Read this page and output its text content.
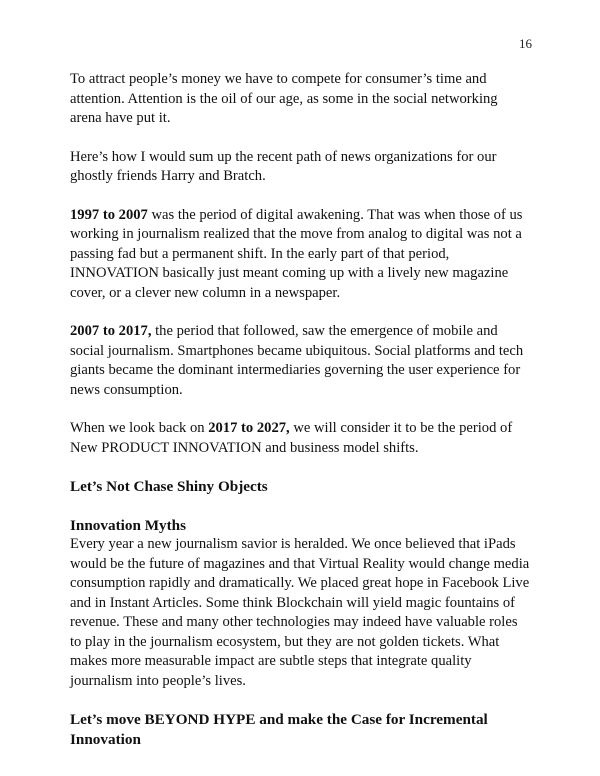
16

To attract people’s money we have to compete for consumer’s time and attention. Attention is the oil of our age, as some in the social networking arena have put it.

Here’s how I would sum up the recent path of news organizations for our ghostly friends Harry and Bratch.

1997 to 2007 was the period of digital awakening. That was when those of us working in journalism realized that the move from analog to digital was not a passing fad but a permanent shift. In the early part of that period, INNOVATION basically just meant coming up with a lively new magazine cover, or a clever new column in a newspaper.

2007 to 2017, the period that followed, saw the emergence of mobile and social journalism. Smartphones became ubiquitous. Social platforms and tech giants became the dominant intermediaries governing the user experience for news consumption.

When we look back on 2017 to 2027, we will consider it to be the period of New PRODUCT INNOVATION and business model shifts.

Let’s Not Chase Shiny Objects
Innovation Myths

Every year a new journalism savior is heralded. We once believed that iPads would be the future of magazines and that Virtual Reality would change media consumption rapidly and dramatically. We placed great hope in Facebook Live and in Instant Articles. Some think Blockchain will yield magic fountains of revenue. These and many other technologies may indeed have valuable roles to play in the journalism ecosystem, but they are not golden tickets. What makes more measurable impact are subtle steps that integrate quality journalism into people’s lives.

Let’s move BEYOND HYPE and make the Case for Incremental Innovation
